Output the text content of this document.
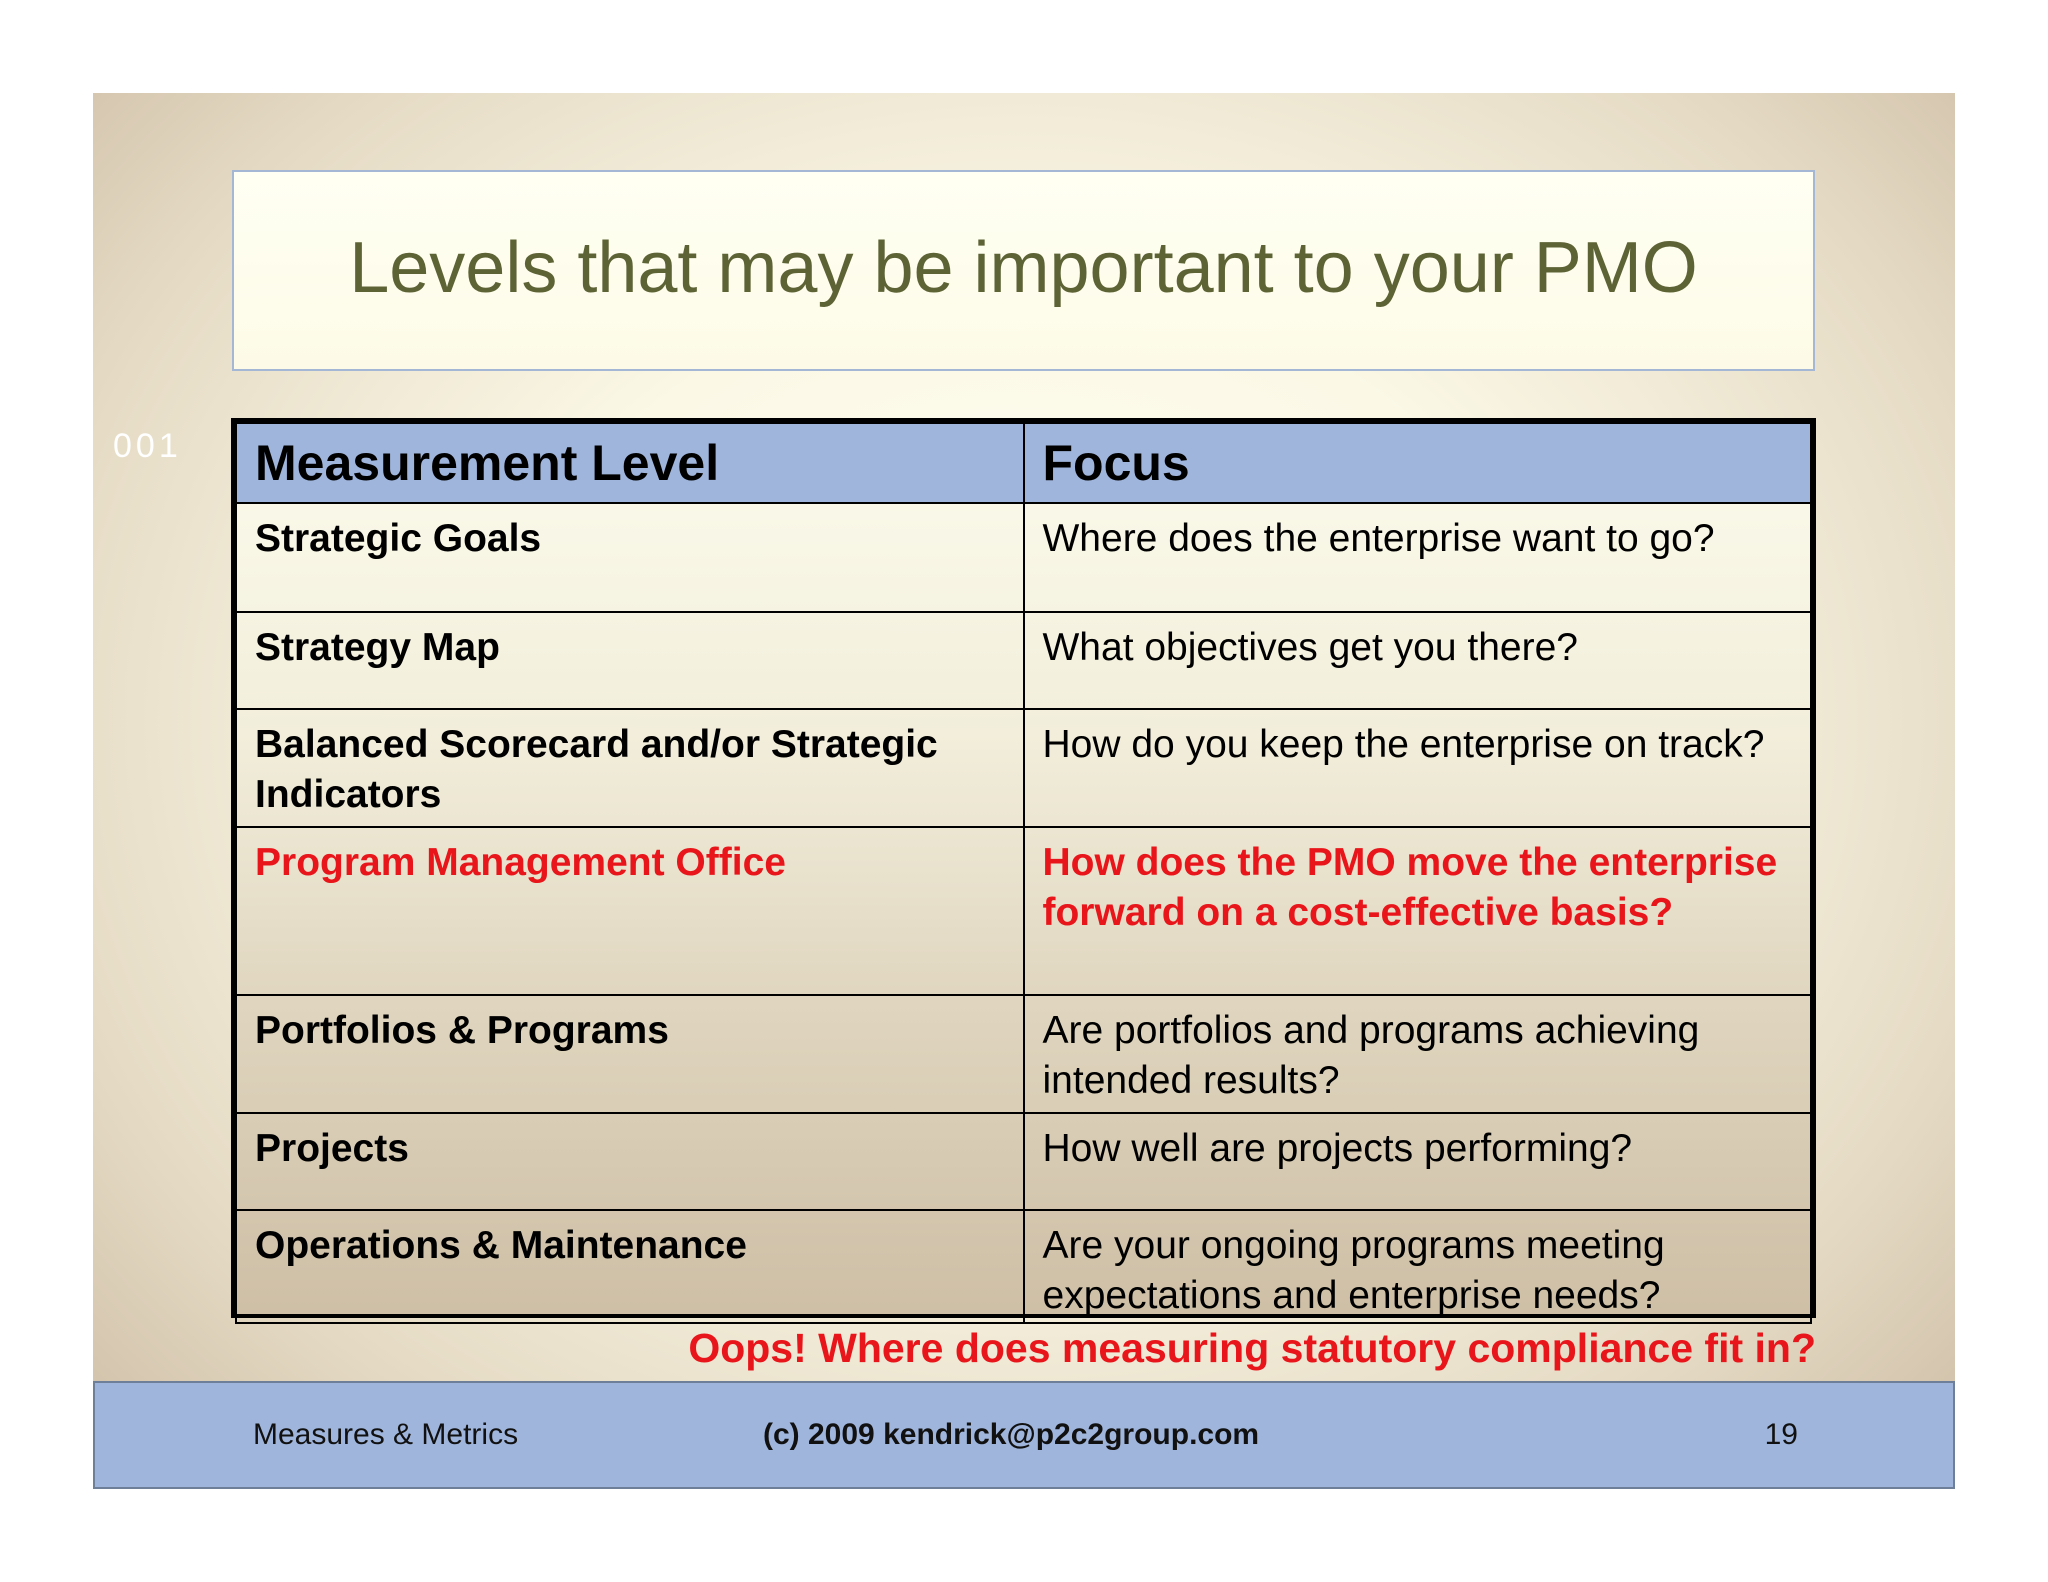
Levels that may be important to your PMO
001 Measurement Level	Focus
Strategic Goals	Where does the enterprise want to go?
Strategy Map	What objectives get you there?
Balanced Scorecard and/or Strategic Indicators	How do you keep the enterprise on track?
Program Management Office	How does the PMO move the enterprise forward on a cost-effective basis?
Portfolios & Programs	Are portfolios and programs achieving intended results?
Projects	How well are projects performing?
Operations & Maintenance	Are your ongoing programs meeting expectations and enterprise needs?
Oops! Where does measuring statutory compliance fit in?
Measures & Metrics	(c) 2009 kendrick@p2c2group.com	19
